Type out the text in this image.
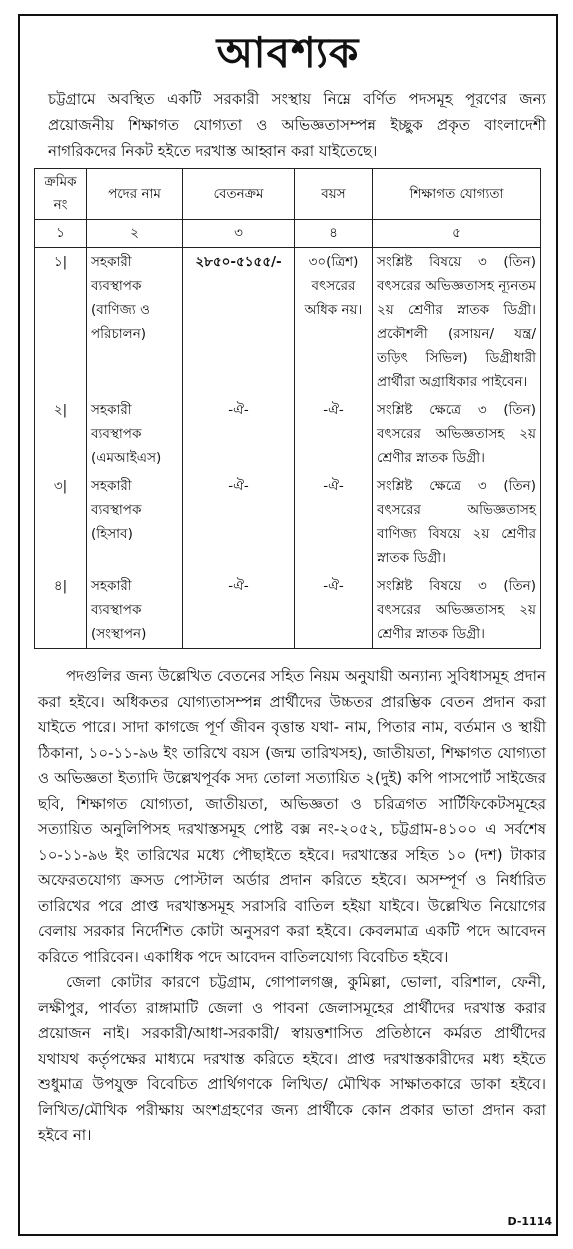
আবশ্যক
চট্টগ্রামে অবস্থিত একটি সরকারী সংস্থায় নিম্নে বর্ণিত পদসমূহ পূরণের জন্য প্রয়োজনীয় শিক্ষাগত যোগ্যতা ও অভিজ্ঞতাসম্পন্ন ইচ্ছুক প্রকৃত বাংলাদেশী নাগরিকদের নিকট হইতে দরখাস্ত আহ্বান করা যাইতেছে।
ক্রমিক নং	পদের নাম	বেতনক্রম	বয়স	শিক্ষাগত যোগ্যতা
১	২	৩	৪	৫
১|	সহকারী ব্যবস্থাপক (বাণিজ্য ও পরিচালন)	২৮৫০-৫১৫৫/-	৩০(ত্রিশ) বৎসরের অধিক নয়।	সংশ্লিষ্ট বিষয়ে ৩ (তিন) বৎসরের অভিজ্ঞতাসহ ন্যূনতম ২য় শ্রেণীর স্নাতক ডিগ্রী। প্রকৌশলী (রসায়ন/ যন্ত্র/ তড়িৎ সিভিল) ডিগ্রীধারী প্রার্থীরা অগ্রাধিকার পাইবেন।
২|	সহকারী ব্যবস্থাপক (এমআইএস)	-ঐ-	-ঐ-	সংশ্লিষ্ট ক্ষেত্রে ৩ (তিন) বৎসরের অভিজ্ঞতাসহ ২য় শ্রেণীর স্নাতক ডিগ্রী।
৩|	সহকারী ব্যবস্থাপক (হিসাব)	-ঐ-	-ঐ-	সংশ্লিষ্ট ক্ষেত্রে ৩ (তিন) বৎসরের অভিজ্ঞতাসহ বাণিজ্য বিষয়ে ২য় শ্রেণীর স্নাতক ডিগ্রী।
৪|	সহকারী ব্যবস্থাপক (সংস্থাপন)	-ঐ-	-ঐ-	সংশ্লিষ্ট বিষয়ে ৩ (তিন) বৎসরের অভিজ্ঞতাসহ ২য় শ্রেণীর স্নাতক ডিগ্রী।

পদগুলির জন্য উল্লেখিত বেতনের সহিত নিয়ম অনুযায়ী অন্যান্য সুবিধাসমূহ প্রদান করা হইবে। অধিকতর যোগ্যতাসম্পন্ন প্রার্থীদের উচ্চতর প্রারম্ভিক বেতন প্রদান করা যাইতে পারে। সাদা কাগজে পূর্ণ জীবন বৃত্তান্ত যথা- নাম, পিতার নাম, বর্তমান ও স্থায়ী ঠিকানা, ১০-১১-৯৬ ইং তারিখে বয়স (জন্ম তারিখসহ), জাতীয়তা, শিক্ষাগত যোগ্যতা ও অভিজ্ঞতা ইত্যাদি উল্লেখপূর্বক সদ্য তোলা সত্যায়িত ২(দুই) কপি পাসপোর্ট সাইজের ছবি, শিক্ষাগত যোগ্যতা, জাতীয়তা, অভিজ্ঞতা ও চরিত্রগত সার্টিফিকেটসমূহের সত্যায়িত অনুলিপিসহ দরখাস্তসমূহ পোষ্ট বক্স নং-২০৫২, চট্টগ্রাম-৪১০০ এ সর্বশেষ ১০-১১-৯৬ ইং তারিখের মধ্যে পৌছাইতে হইবে। দরখাস্তের সহিত ১০ (দশ) টাকার অফেরতযোগ্য ক্রসড পোস্টাল অর্ডার প্রদান করিতে হইবে। অসম্পূর্ণ ও নির্ধারিত তারিখের পরে প্রাপ্ত দরখাস্তসমূহ সরাসরি বাতিল হইয়া যাইবে। উল্লেখিত নিয়োগের বেলায় সরকার নির্দেশিত কোটা অনুসরণ করা হইবে। কেবলমাত্র একটি পদে আবেদন করিতে পারিবেন। একাধিক পদে আবেদন বাতিলযোগ্য বিবেচিত হইবে।

জেলা কোটার কারণে চট্টগ্রাম, গোপালগঞ্জ, কুমিল্লা, ভোলা, বরিশাল, ফেনী, লক্ষীপুর, পার্বত্য রাঙ্গামাটি জেলা ও পাবনা জেলাসমূহের প্রার্থীদের দরখাস্ত করার প্রয়োজন নাই। সরকারী/আধা-সরকারী/ স্বায়ত্তশাসিত প্রতিষ্ঠানে কর্মরত প্রার্থীদের যথাযথ কর্তৃপক্ষের মাধ্যমে দরখাস্ত করিতে হইবে। প্রাপ্ত দরখাস্তকারীদের মধ্য হইতে শুধুমাত্র উপযুক্ত বিবেচিত প্রার্থিগণকে লিখিত/ মৌখিক সাক্ষাতকারে ডাকা হইবে। লিখিত/মৌখিক পরীক্ষায় অংশগ্রহণের জন্য প্রার্থীকে কোন প্রকার ভাতা প্রদান করা হইবে না।

D-1114
